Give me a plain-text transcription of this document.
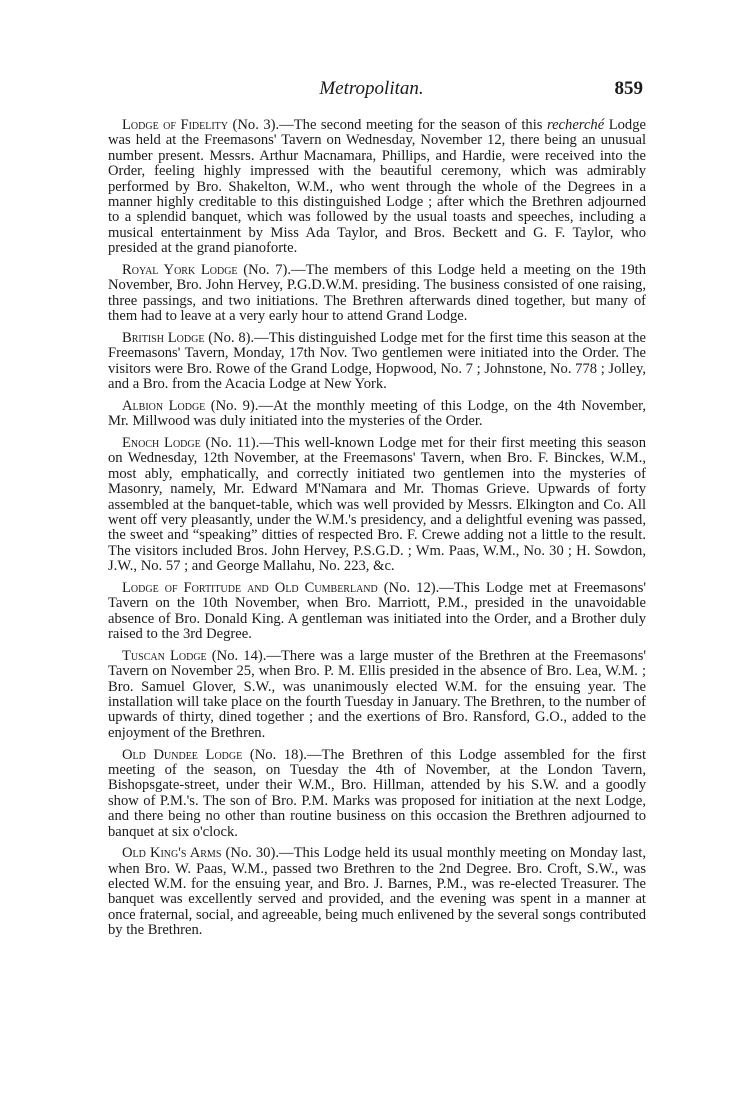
Metropolitan.	859

Lodge of Fidelity (No. 3).—The second meeting for the season of this recherché Lodge was held at the Freemasons' Tavern on Wednesday, November 12, there being an unusual number present. Messrs. Arthur Macnamara, Phillips, and Hardie, were received into the Order, feeling highly impressed with the beautiful ceremony, which was admirably performed by Bro. Shakelton, W.M., who went through the whole of the Degrees in a manner highly creditable to this distinguished Lodge ; after which the Brethren adjourned to a splendid banquet, which was followed by the usual toasts and speeches, including a musical entertainment by Miss Ada Taylor, and Bros. Beckett and G. F. Taylor, who presided at the grand pianoforte.

Royal York Lodge (No. 7).—The members of this Lodge held a meeting on the 19th November, Bro. John Hervey, P.G.D.W.M. presiding. The business consisted of one raising, three passings, and two initiations. The Brethren afterwards dined together, but many of them had to leave at a very early hour to attend Grand Lodge.

British Lodge (No. 8).—This distinguished Lodge met for the first time this season at the Freemasons' Tavern, Monday, 17th Nov. Two gentlemen were initiated into the Order. The visitors were Bro. Rowe of the Grand Lodge, Hopwood, No. 7 ; Johnstone, No. 778 ; Jolley, and a Bro. from the Acacia Lodge at New York.

Albion Lodge (No. 9).—At the monthly meeting of this Lodge, on the 4th November, Mr. Millwood was duly initiated into the mysteries of the Order.

Enoch Lodge (No. 11).—This well-known Lodge met for their first meeting this season on Wednesday, 12th November, at the Freemasons' Tavern, when Bro. F. Binckes, W.M., most ably, emphatically, and correctly initiated two gentlemen into the mysteries of Masonry, namely, Mr. Edward M'Namara and Mr. Thomas Grieve. Upwards of forty assembled at the banquet-table, which was well provided by Messrs. Elkington and Co. All went off very pleasantly, under the W.M.'s presidency, and a delightful evening was passed, the sweet and “speaking” ditties of respected Bro. F. Crewe adding not a little to the result. The visitors included Bros. John Hervey, P.S.G.D. ; Wm. Paas, W.M., No. 30 ; H. Sowdon, J.W., No. 57 ; and George Mallahu, No. 223, &c.

Lodge of Fortitude and Old Cumberland (No. 12).—This Lodge met at Freemasons' Tavern on the 10th November, when Bro. Marriott, P.M., presided in the unavoidable absence of Bro. Donald King. A gentleman was initiated into the Order, and a Brother duly raised to the 3rd Degree.

Tuscan Lodge (No. 14).—There was a large muster of the Brethren at the Freemasons' Tavern on November 25, when Bro. P. M. Ellis presided in the absence of Bro. Lea, W.M. ; Bro. Samuel Glover, S.W., was unanimously elected W.M. for the ensuing year. The installation will take place on the fourth Tuesday in January. The Brethren, to the number of upwards of thirty, dined together ; and the exertions of Bro. Ransford, G.O., added to the enjoyment of the Brethren.

Old Dundee Lodge (No. 18).—The Brethren of this Lodge assembled for the first meeting of the season, on Tuesday the 4th of November, at the London Tavern, Bishopsgate-street, under their W.M., Bro. Hillman, attended by his S.W. and a goodly show of P.M.'s. The son of Bro. P.M. Marks was proposed for initiation at the next Lodge, and there being no other than routine business on this occasion the Brethren adjourned to banquet at six o'clock.

Old King's Arms (No. 30).—This Lodge held its usual monthly meeting on Monday last, when Bro. W. Paas, W.M., passed two Brethren to the 2nd Degree. Bro. Croft, S.W., was elected W.M. for the ensuing year, and Bro. J. Barnes, P.M., was re-elected Treasurer. The banquet was excellently served and provided, and the evening was spent in a manner at once fraternal, social, and agreeable, being much enlivened by the several songs contributed by the Brethren.
